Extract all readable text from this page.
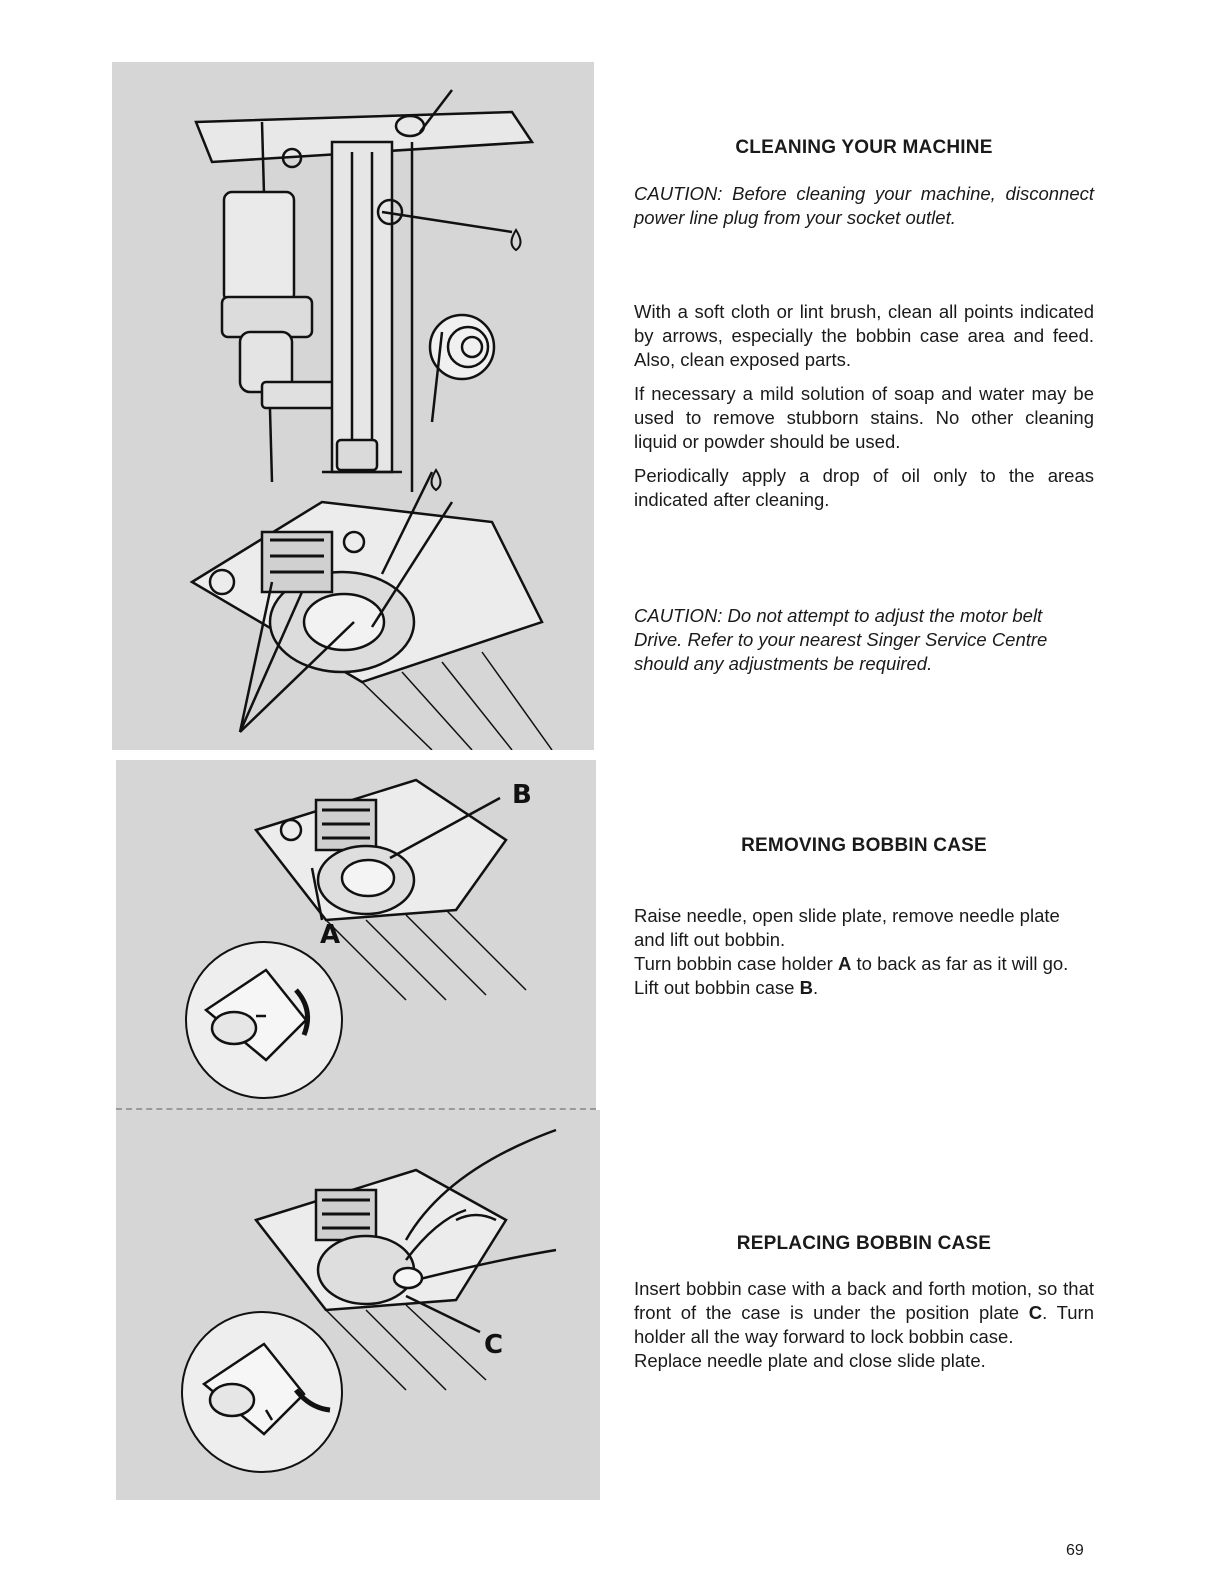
B
A
C
CLEANING YOUR MACHINE

CAUTION: Before cleaning your machine, disconnect power line plug from your socket outlet.

With a soft cloth or lint brush, clean all points indicated by arrows, especially the bobbin case area and feed. Also, clean exposed parts.

If necessary a mild solution of soap and water may be used to remove stubborn stains. No other cleaning liquid or powder should be used.

Periodically apply a drop of oil only to the areas indicated after cleaning.

CAUTION: Do not attempt to adjust the motor belt Drive. Refer to your nearest Singer Service Centre should any adjustments be required.

REMOVING BOBBIN CASE

Raise needle, open slide plate, remove needle plate and lift out bobbin.

Turn bobbin case holder A to back as far as it will go.

Lift out bobbin case B.

REPLACING BOBBIN CASE

Insert bobbin case with a back and forth motion, so that front of the case is under the position plate C. Turn holder all the way forward to lock bobbin case.

Replace needle plate and close slide plate.

69
